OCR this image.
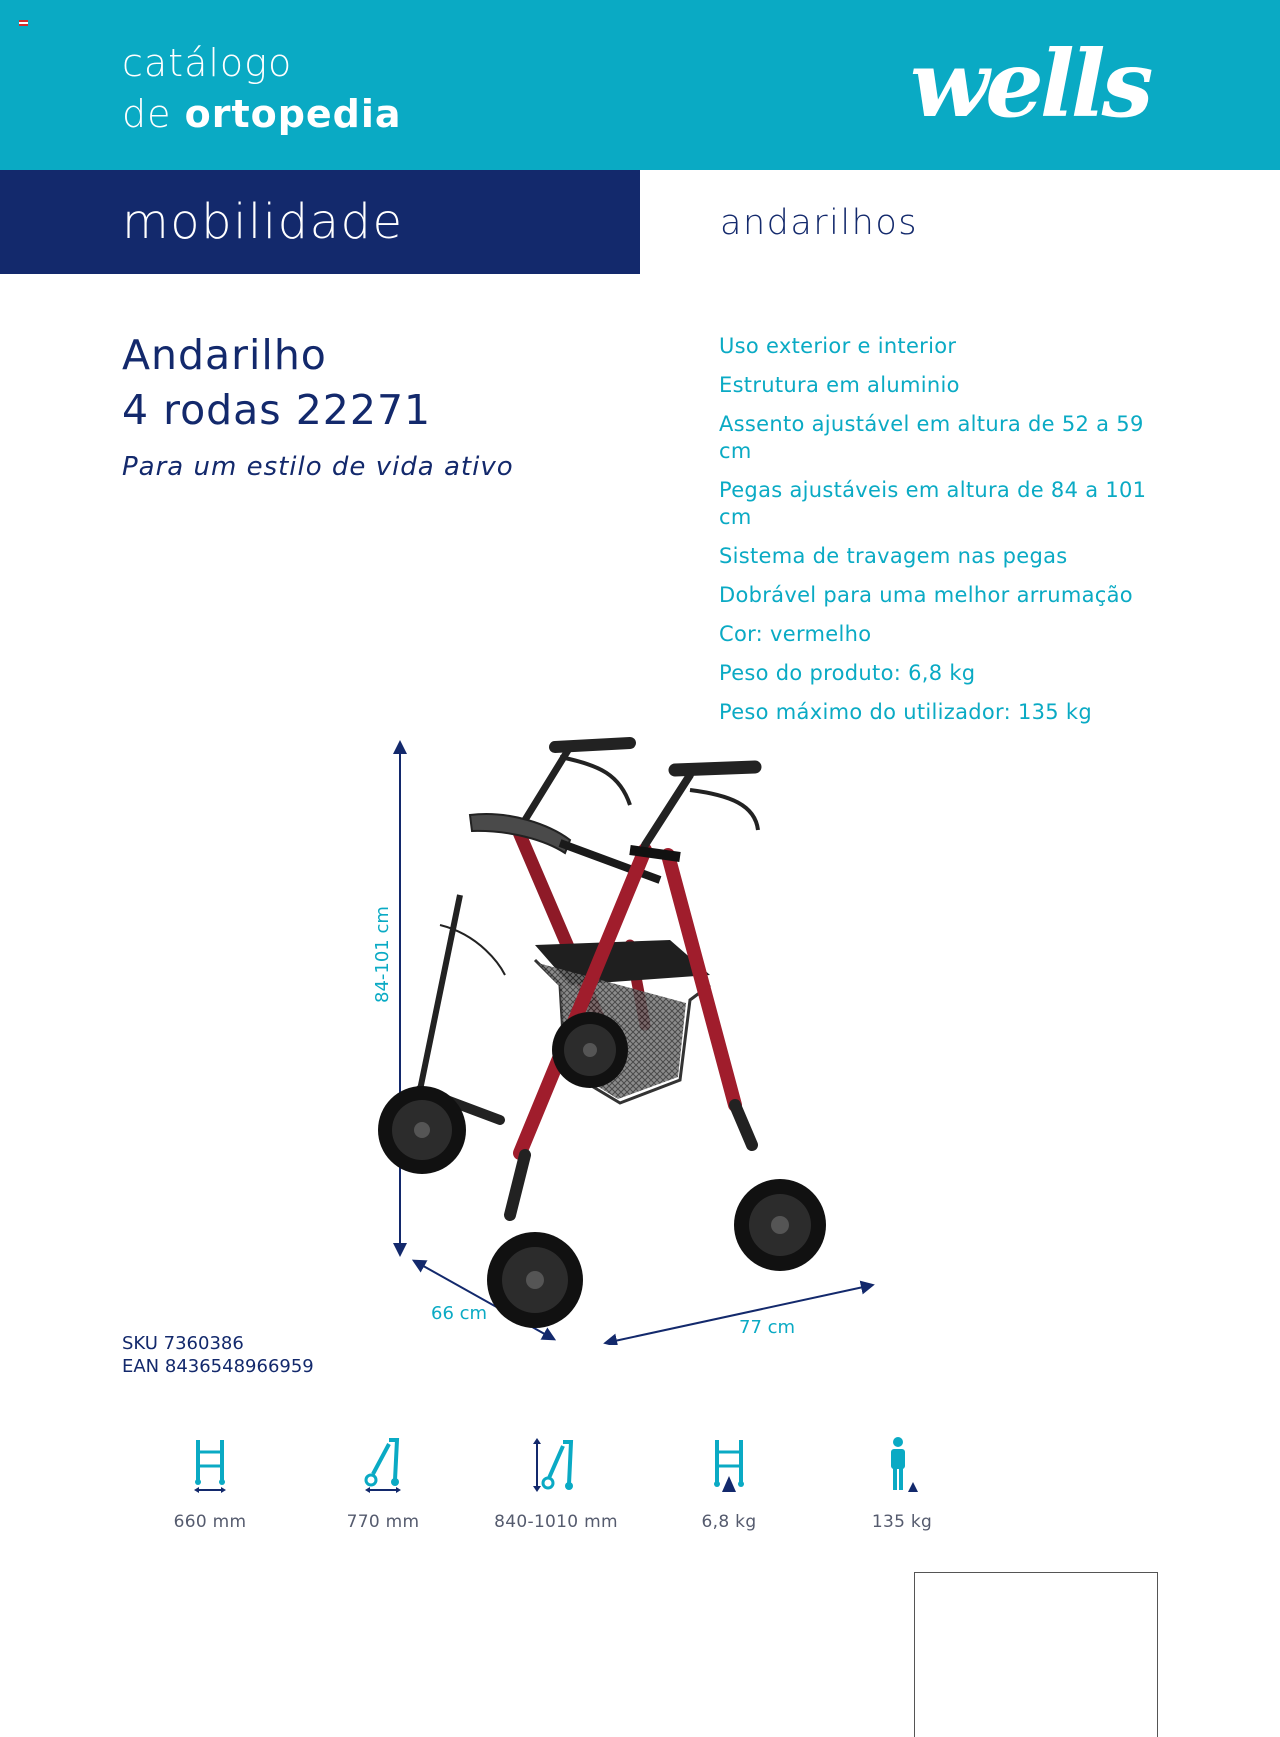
catálogo
de ortopedia	wells
mobilidade	andarilhos
Andarilho
4 rodas 22271
Para um estilo de vida ativo

Uso exterior e interior

Estrutura em aluminio

Assento ajustável em altura de 52 a 59 cm

Pegas ajustáveis em altura de 84 a 101 cm

Sistema de travagem nas pegas

Dobrável para uma melhor arrumação

Cor: vermelho

Peso do produto: 6,8 kg

Peso máximo do utilizador: 135 kg

84-101 cm
66 cm
77 cm
SKU 7360386
EAN 8436548966959
660 mm	770 mm	840-1010 mm	6,8 kg	135 kg
